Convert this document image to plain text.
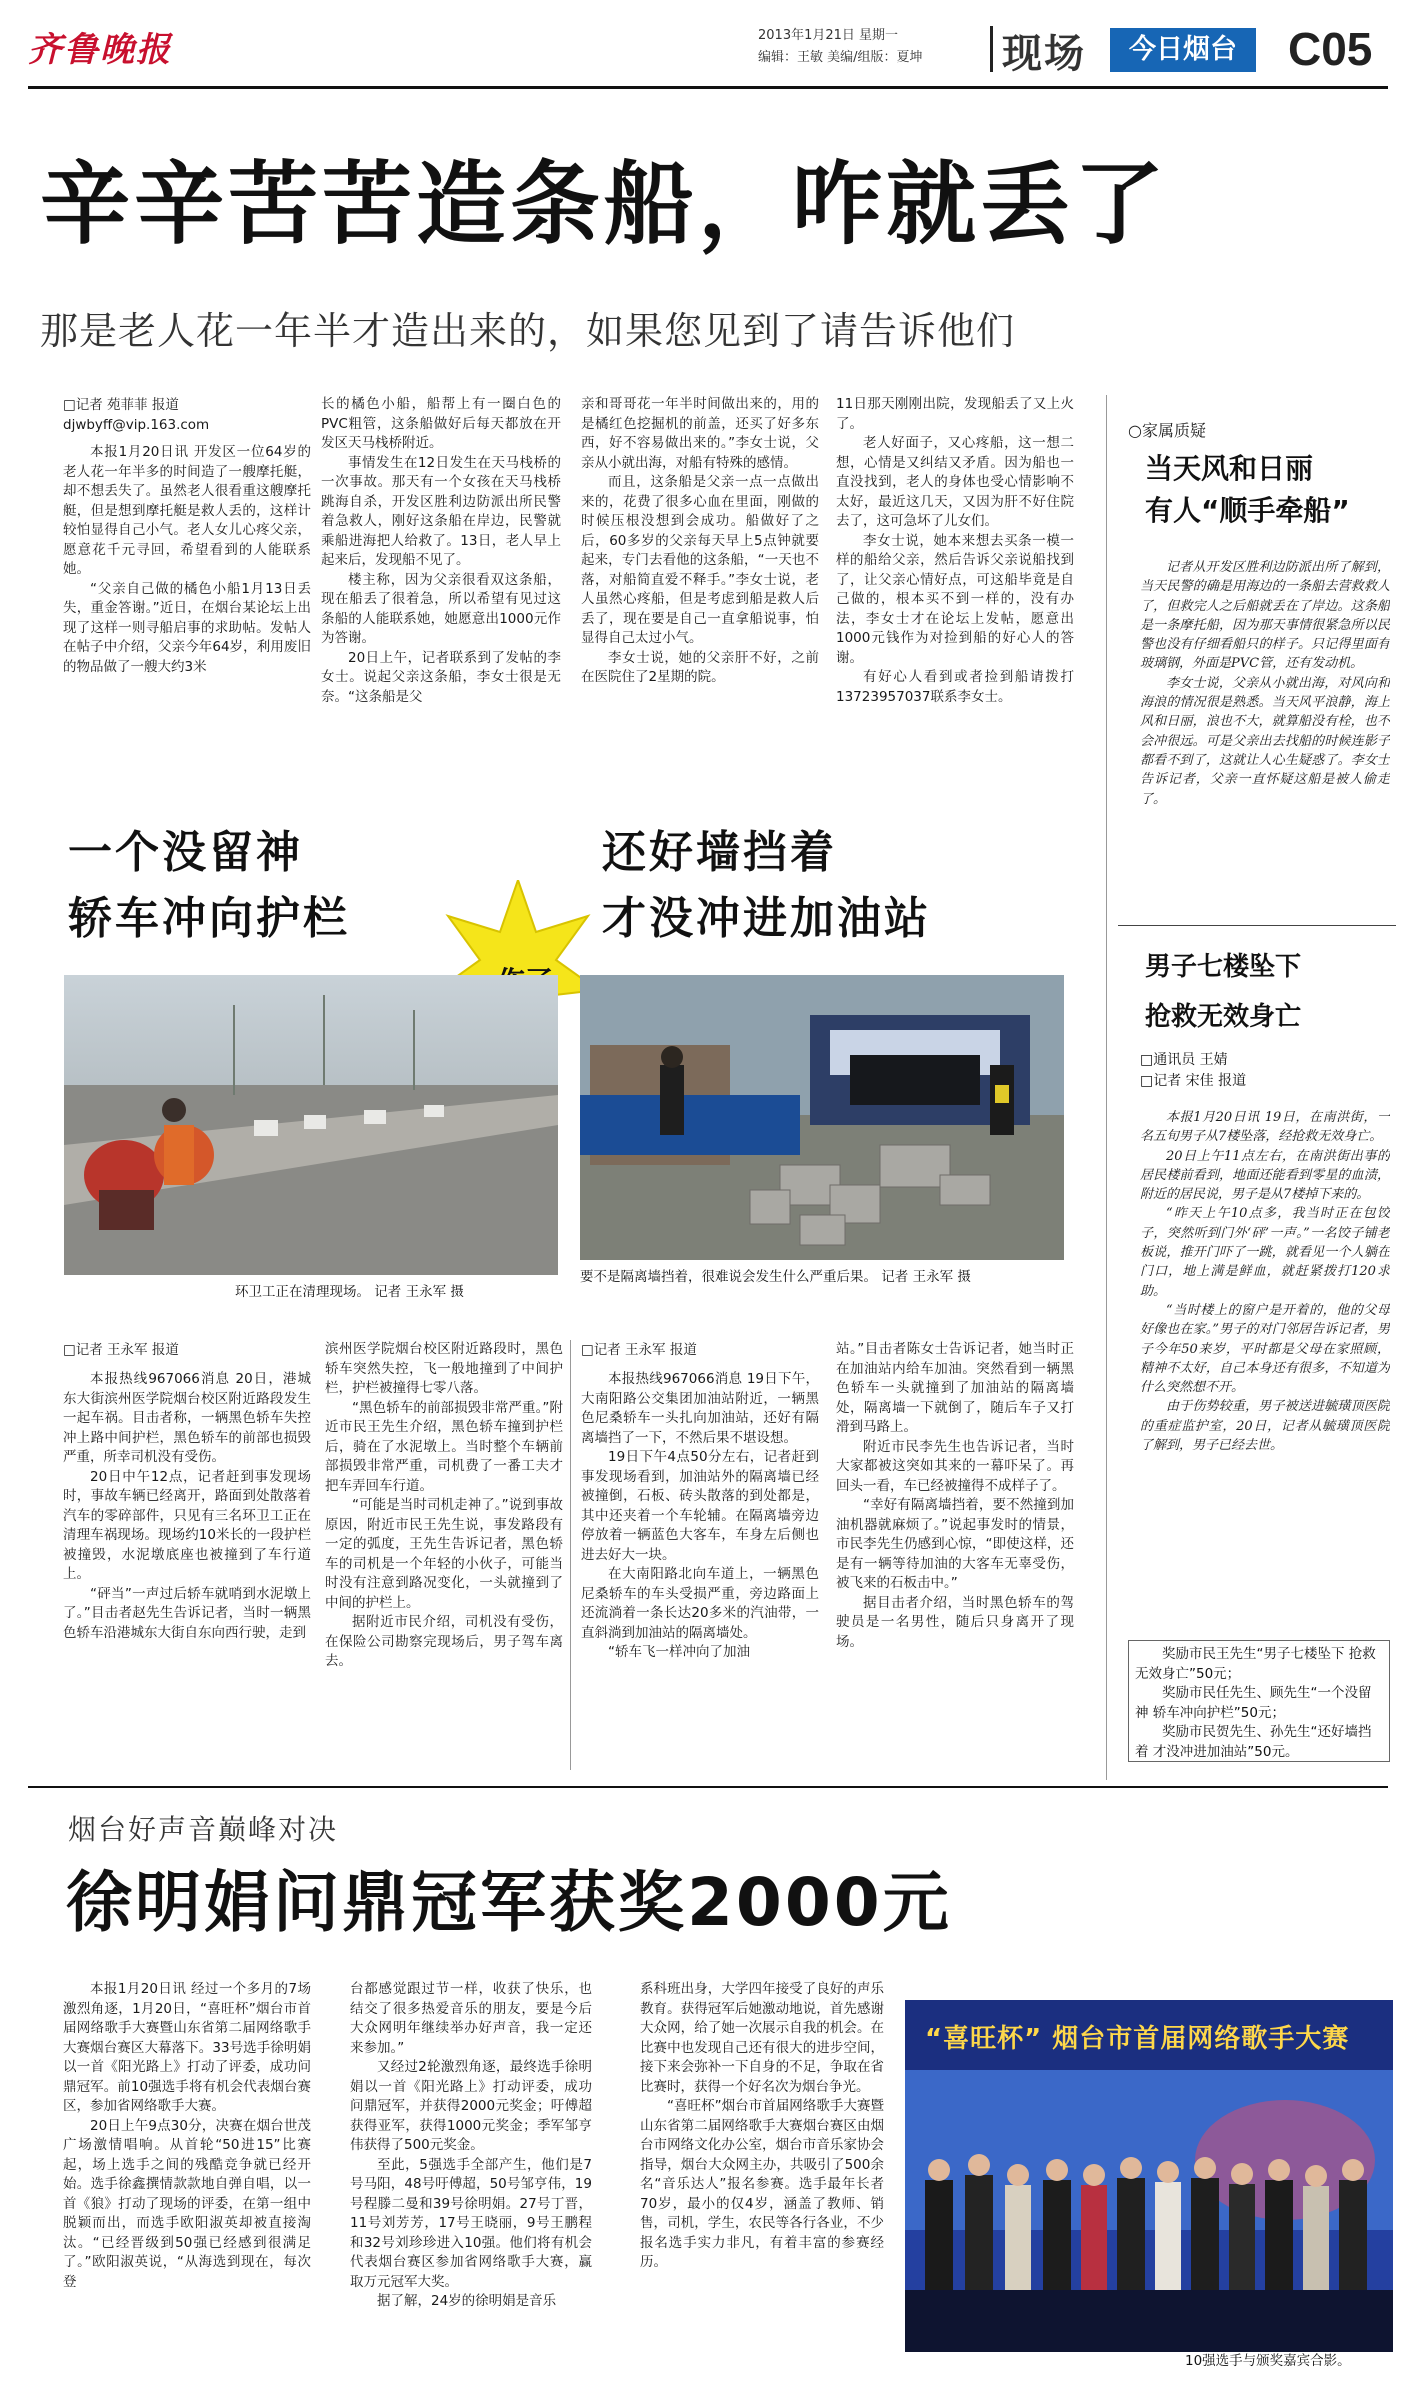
齐鲁晚报	2013年1月21日 星期一
编辑：王敏 美编/组版：夏坤 现场	今日烟台	C05
辛辛苦苦造条船，咋就丢了
那是老人花一年半才造出来的，如果您见到了请告诉他们

□记者 苑菲菲 报道

djwbyff@vip.163.com

本报1月20日讯 开发区一位64岁的老人花一年半多的时间造了一艘摩托艇，却不想丢失了。虽然老人很看重这艘摩托艇，但是想到摩托艇是救人丢的，这样计较怕显得自己小气。老人女儿心疼父亲，愿意花千元寻回，希望看到的人能联系她。

“父亲自己做的橘色小船1月13日丢失，重金答谢。”近日，在烟台某论坛上出现了这样一则寻船启事的求助帖。发帖人在帖子中介绍，父亲今年64岁，利用废旧的物品做了一艘大约3米

长的橘色小船，船帮上有一圈白色的PVC粗管，这条船做好后每天都放在开发区天马栈桥附近。

事情发生在12日发生在天马栈桥的一次事故。那天有一个女孩在天马栈桥跳海自杀，开发区胜利边防派出所民警着急救人，刚好这条船在岸边，民警就乘船进海把人给救了。13日，老人早上起来后，发现船不见了。

楼主称，因为父亲很看双这条船，现在船丢了很着急，所以希望有见过这条船的人能联系她，她愿意出1000元作为答谢。

20日上午，记者联系到了发帖的李女士。说起父亲这条船，李女士很是无奈。“这条船是父

亲和哥哥花一年半时间做出来的，用的是橘红色挖掘机的前盖，还买了好多东西，好不容易做出来的。”李女士说，父亲从小就出海，对船有特殊的感情。

而且，这条船是父亲一点一点做出来的，花费了很多心血在里面，刚做的时候压根没想到会成功。船做好了之后，60多岁的父亲每天早上5点钟就要起来，专门去看他的这条船，“一天也不落，对船简直爱不释手。”李女士说，老人虽然心疼船，但是考虑到船是救人后丢了，现在要是自己一直拿船说事，怕显得自己太过小气。

李女士说，她的父亲肝不好，之前在医院住了2星期的院。

11日那天刚刚出院，发现船丢了又上火了。

老人好面子，又心疼船，这一想二想，心情是又纠结又矛盾。因为船也一直没找到，老人的身体也受心情影响不太好，最近这几天，又因为肝不好住院去了，这可急坏了儿女们。

李女士说，她本来想去买条一模一样的船给父亲，然后告诉父亲说船找到了，让父亲心情好点，可这船毕竟是自己做的，根本买不到一样的，没有办法，李女士才在论坛上发帖，愿意出1000元钱作为对捡到船的好心人的答谢。

有好心人看到或者捡到船请拨打13723957037联系李女士。

○家属质疑
当天风和日丽
有人“顺手牵船”

记者从开发区胜利边防派出所了解到，当天民警的确是用海边的一条船去营救救人了，但救完人之后船就丢在了岸边。这条船是一条摩托船，因为那天事情很紧急所以民警也没有仔细看船只的样子。只记得里面有玻璃钢，外面是PVC管，还有发动机。

李女士说，父亲从小就出海，对风向和海浪的情况很是熟悉。当天风平浪静，海上风和日丽，浪也不大，就算船没有栓，也不会冲很远。可是父亲出去找船的时候连影子都看不到了，这就让人心生疑惑了。李女士告诉记者，父亲一直怀疑这船是被人偷走了。

男子七楼坠下
抢救无效身亡
□通讯员 王婧
□记者 宋佳 报道

本报1月20日讯 19日，在南洪街，一名五旬男子从7楼坠落，经抢救无效身亡。

20日上午11点左右，在南洪街出事的居民楼前看到，地面还能看到零星的血渍，附近的居民说，男子是从7楼掉下来的。

“昨天上午10点多，我当时正在包饺子，突然听到门外‘砰’一声。”一名饺子铺老板说，推开门吓了一跳，就看见一个人躺在门口，地上满是鲜血，就赶紧拨打120求助。

“当时楼上的窗户是开着的，他的父母好像也在家。”男子的对门邻居告诉记者，男子今年50来岁，平时都是父母在家照顾，精神不太好，自己本身还有很多，不知道为什么突然想不开。

由于伤势较重，男子被送进毓璜顶医院的重症监护室，20日，记者从毓璜顶医院了解到，男子已经去世。

奖励市民王先生“男子七楼坠下 抢救无效身亡”50元；
奖励市民任先生、顾先生“一个没留神 轿车冲向护栏”50元；
奖励市民贺先生、孙先生“还好墙挡着 才没冲进加油站”50元。
一个没留神
轿车冲向护栏
还好墙挡着
才没冲进加油站
环卫工正在清理现场。 记者 王永军 摄
要不是隔离墙挡着，很难说会发生什么严重后果。 记者 王永军 摄

□记者 王永军 报道

本报热线967066消息 20日，港城东大街滨州医学院烟台校区附近路段发生一起车祸。目击者称，一辆黑色轿车失控冲上路中间护栏，黑色轿车的前部也损毁严重，所幸司机没有受伤。

20日中午12点，记者赶到事发现场时，事故车辆已经离开，路面到处散落着汽车的零碎部件，只见有三名环卫工正在清理车祸现场。现场约10米长的一段护栏被撞毁，水泥墩底座也被撞到了车行道上。

“砰当”一声过后轿车就哨到水泥墩上了。”目击者赵先生告诉记者，当时一辆黑色轿车沿港城东大街自东向西行驶，走到

滨州医学院烟台校区附近路段时，黑色轿车突然失控，飞一般地撞到了中间护栏，护栏被撞得七零八落。

“黑色轿车的前部损毁非常严重。”附近市民王先生介绍，黑色轿车撞到护栏后，骑在了水泥墩上。当时整个车辆前部损毁非常严重，司机费了一番工夫才把车弄回车行道。

“可能是当时司机走神了。”说到事故原因，附近市民王先生说，事发路段有一定的弧度，王先生告诉记者，黑色轿车的司机是一个年轻的小伙子，可能当时没有注意到路况变化，一头就撞到了中间的护栏上。

据附近市民介绍，司机没有受伤，在保险公司勘察完现场后，男子驾车离去。

□记者 王永军 报道

本报热线967066消息 19日下午，大南阳路公交集团加油站附近，一辆黑色尼桑轿车一头扎向加油站，还好有隔离墙挡了一下，不然后果不堪设想。

19日下午4点50分左右，记者赶到事发现场看到，加油站外的隔离墙已经被撞倒，石板、砖头散落的到处都是，其中还夹着一个车轮辅。在隔离墙旁边停放着一辆蓝色大客车，车身左后侧也进去好大一块。

在大南阳路北向车道上，一辆黑色尼桑轿车的车头受损严重，旁边路面上还流淌着一条长达20多米的汽油带，一直斜淌到加油站的隔离墙处。

“轿车飞一样冲向了加油

站。”目击者陈女士告诉记者，她当时正在加油站内给车加油。突然看到一辆黑色轿车一头就撞到了加油站的隔离墙处，隔离墙一下就倒了，随后车子又打滑到马路上。

附近市民李先生也告诉记者，当时大家都被这突如其来的一幕吓呆了。再回头一看，车已经被撞得不成样子了。

“幸好有隔离墙挡着，要不然撞到加油机器就麻烦了。”说起事发时的情景，市民李先生仍感到心惊，“即使这样，还是有一辆等待加油的大客车无辜受伤，被飞来的石板击中。”

据目击者介绍，当时黑色轿车的驾驶员是一名男性，随后只身离开了现场。

烟台好声音巅峰对决
徐明娟问鼎冠军获奖2000元

本报1月20日讯 经过一个多月的7场激烈角逐，1月20日，“喜旺杯”烟台市首届网络歌手大赛暨山东省第二届网络歌手大赛烟台赛区大幕落下。33号选手徐明娟以一首《阳光路上》打动了评委，成功问鼎冠军。前10强选手将有机会代表烟台赛区，参加省网络歌手大赛。

20日上午9点30分，决赛在烟台世茂广场激情唱响。从首轮“50进15”比赛起，场上选手之间的残酷竞争就已经开始。选手徐鑫撰情款款地自弹自唱，以一首《狼》打动了现场的评委，在第一组中脱颖而出，而选手欧阳淑英却被直接淘汰。“已经晋级到50强已经感到很满足了。”欧阳淑英说，“从海选到现在，每次登

台都感觉跟过节一样，收获了快乐，也结交了很多热爱音乐的朋友，要是今后大众网明年继续举办好声音，我一定还来参加。”

又经过2轮激烈角逐，最终选手徐明娟以一首《阳光路上》打动评委，成功问鼎冠军，并获得2000元奖金；吁傅超获得亚军，获得1000元奖金；季军邹亨伟获得了500元奖金。

至此，5强选手全部产生，他们是7号马阳，48号吁傅超，50号邹亨伟，19号程滕二曼和39号徐明娟。27号丁晋，11号刘芳芳，17号王晓丽，9号王鹏程和32号刘珍珍进入10强。他们将有机会代表烟台赛区参加省网络歌手大赛，赢取万元冠军大奖。

据了解，24岁的徐明娟是音乐

系科班出身，大学四年接受了良好的声乐教育。获得冠军后她激动地说，首先感谢大众网，给了她一次展示自我的机会。在比赛中也发现自己还有很大的进步空间，接下来会弥补一下自身的不足，争取在省比赛时，获得一个好名次为烟台争光。

“喜旺杯”烟台市首届网络歌手大赛暨山东省第二届网络歌手大赛烟台赛区由烟台市网络文化办公室，烟台市音乐家协会指导，烟台大众网主办，共吸引了500余名“音乐达人”报名参赛。选手最年长者70岁，最小的仅4岁，涵盖了教师、销售，司机，学生，农民等各行各业，不少报名选手实力非凡，有着丰富的参赛经历。

“喜旺杯” 烟台市首届网络歌手大赛
10强选手与颁奖嘉宾合影。
